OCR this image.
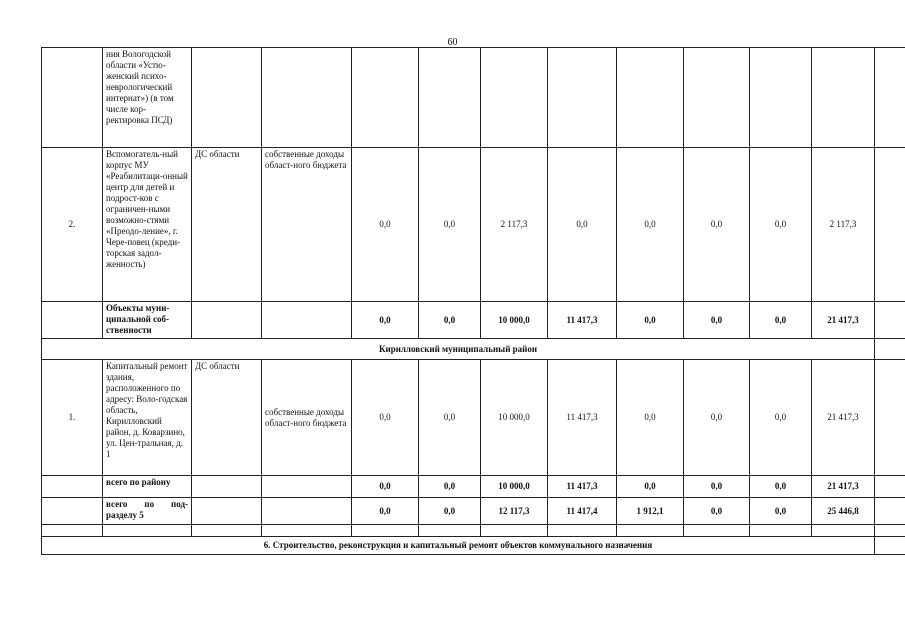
60
	ния Вологодской области «Устю-женский психо-неврологический интернат») (в том числе кор-ректировка ПСД)											
2.	Вспомогатель-ный корпус МУ «Реабилитаци-онный центр для детей и подрост-ков с ограничен-ными возможно-стями «Преодо-ление», г. Чере-повец (креди-торская задол-женность)	ДС области	собственные доходы област-ного бюджета	0,0	0,0	2 117,3	0,0	0,0	0,0	0,0	2 117,3	
	Объекты муни-ципальной соб-ственности			0,0	0,0	10 000,0	11 417,3	0,0	0,0	0,0	21 417,3	
Кирилловский муниципальный район												
1.	Капитальный ремонт здания, расположенного по адресу: Воло-годская область, Кирилловский район, д. Коварзино, ул. Цен-тральная, д. 1	ДС области	собственные доходы област-ного бюджета	0,0	0,0	10 000,0	11 417,3	0,0	0,0	0,0	21 417,3	
	всего по району			0,0	0,0	10 000,0	11 417,3	0,0	0,0	0,0	21 417,3	
	всего по под-разделу 5			0,0	0,0	12 117,3	11 417,4	1 912,1	0,0	0,0	25 446,8	

6. Строительство, реконструкция и капитальный ремонт объектов коммунального назначения												
